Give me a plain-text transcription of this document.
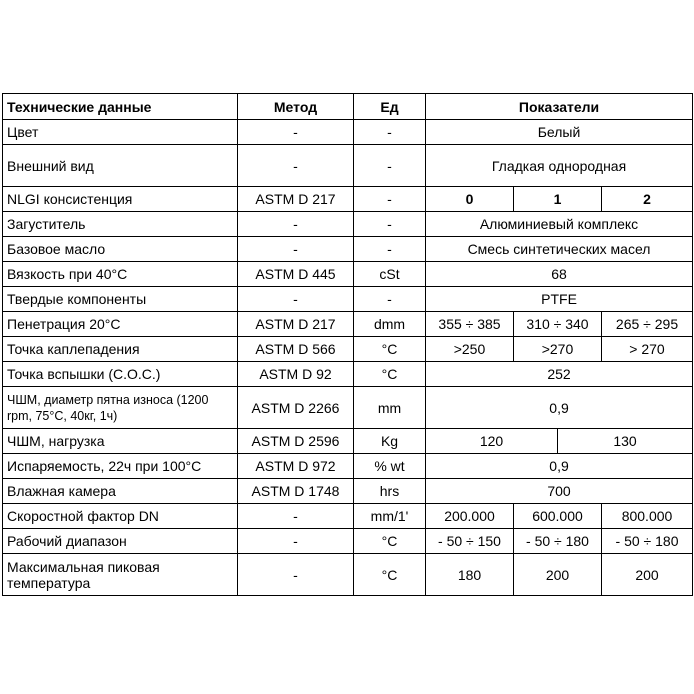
Технические данные	Метод	Ед	Показатели		
Цвет	-	-	Белый		
Внешний вид	-	-	Гладкая однородная		
NLGI консистенция	ASTM D 217	-	0	1	2
Загуститель	-	-	Алюминиевый комплекс		
Базовое масло	-	-	Смесь синтетических масел		
Вязкость при 40°С	ASTM D 445	cSt	68		
Твердые компоненты	-	-	PTFE		
Пенетрация 20°С	ASTM D 217	dmm	355 ÷ 385	310 ÷ 340	265 ÷ 295
Точка каплепадения	ASTM D 566	°C	>250	>270	> 270
Точка вспышки (С.О.С.)	ASTM D 92	°C	252		
ЧШМ, диаметр пятна износа (1200 rpm, 75°C, 40кг, 1ч)	ASTM D 2266	mm	0,9		
ЧШМ, нагрузка	ASTM D 2596	Kg	120 130		

Испаряемость, 22ч при 100°С	ASTM D 972	% wt	0,9		
Влажная камера	ASTM D 1748	hrs	700		
Скоростной фактор DN	-	mm/1'	200.000	600.000	800.000
Рабочий диапазон	-	°C	- 50 ÷ 150	- 50 ÷ 180	- 50 ÷ 180
Максимальная пиковая температура	-	°C	180	200	200
